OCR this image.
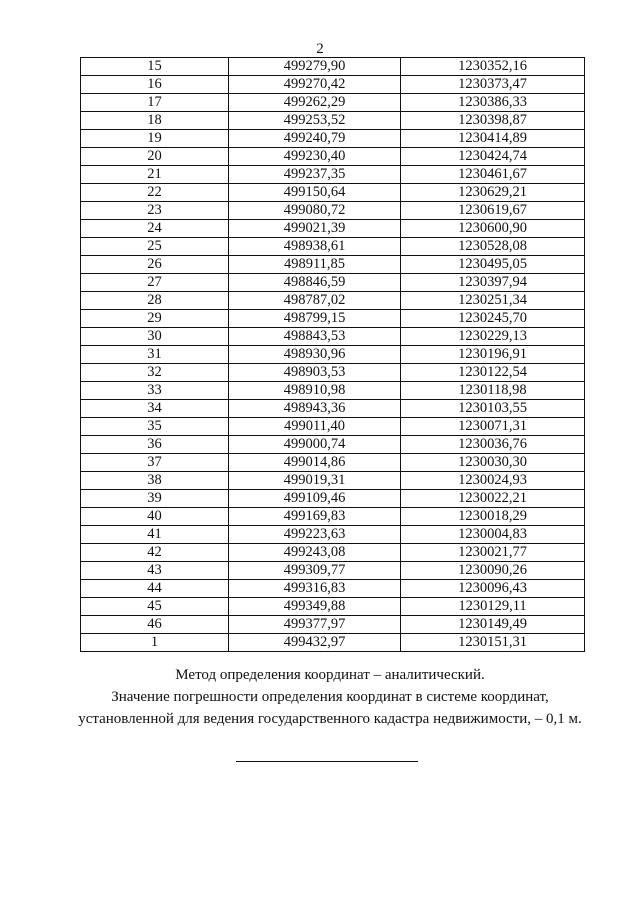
2
15	499279,90	1230352,16
16	499270,42	1230373,47
17	499262,29	1230386,33
18	499253,52	1230398,87
19	499240,79	1230414,89
20	499230,40	1230424,74
21	499237,35	1230461,67
22	499150,64	1230629,21
23	499080,72	1230619,67
24	499021,39	1230600,90
25	498938,61	1230528,08
26	498911,85	1230495,05
27	498846,59	1230397,94
28	498787,02	1230251,34
29	498799,15	1230245,70
30	498843,53	1230229,13
31	498930,96	1230196,91
32	498903,53	1230122,54
33	498910,98	1230118,98
34	498943,36	1230103,55
35	499011,40	1230071,31
36	499000,74	1230036,76
37	499014,86	1230030,30
38	499019,31	1230024,93
39	499109,46	1230022,21
40	499169,83	1230018,29
41	499223,63	1230004,83
42	499243,08	1230021,77
43	499309,77	1230090,26
44	499316,83	1230096,43
45	499349,88	1230129,11
46	499377,97	1230149,49
1	499432,97	1230151,31

Метод определения координат – аналитический.

Значение погрешности определения координат в системе координат,

установленной для ведения государственного кадастра недвижимости, – 0,1 м.
